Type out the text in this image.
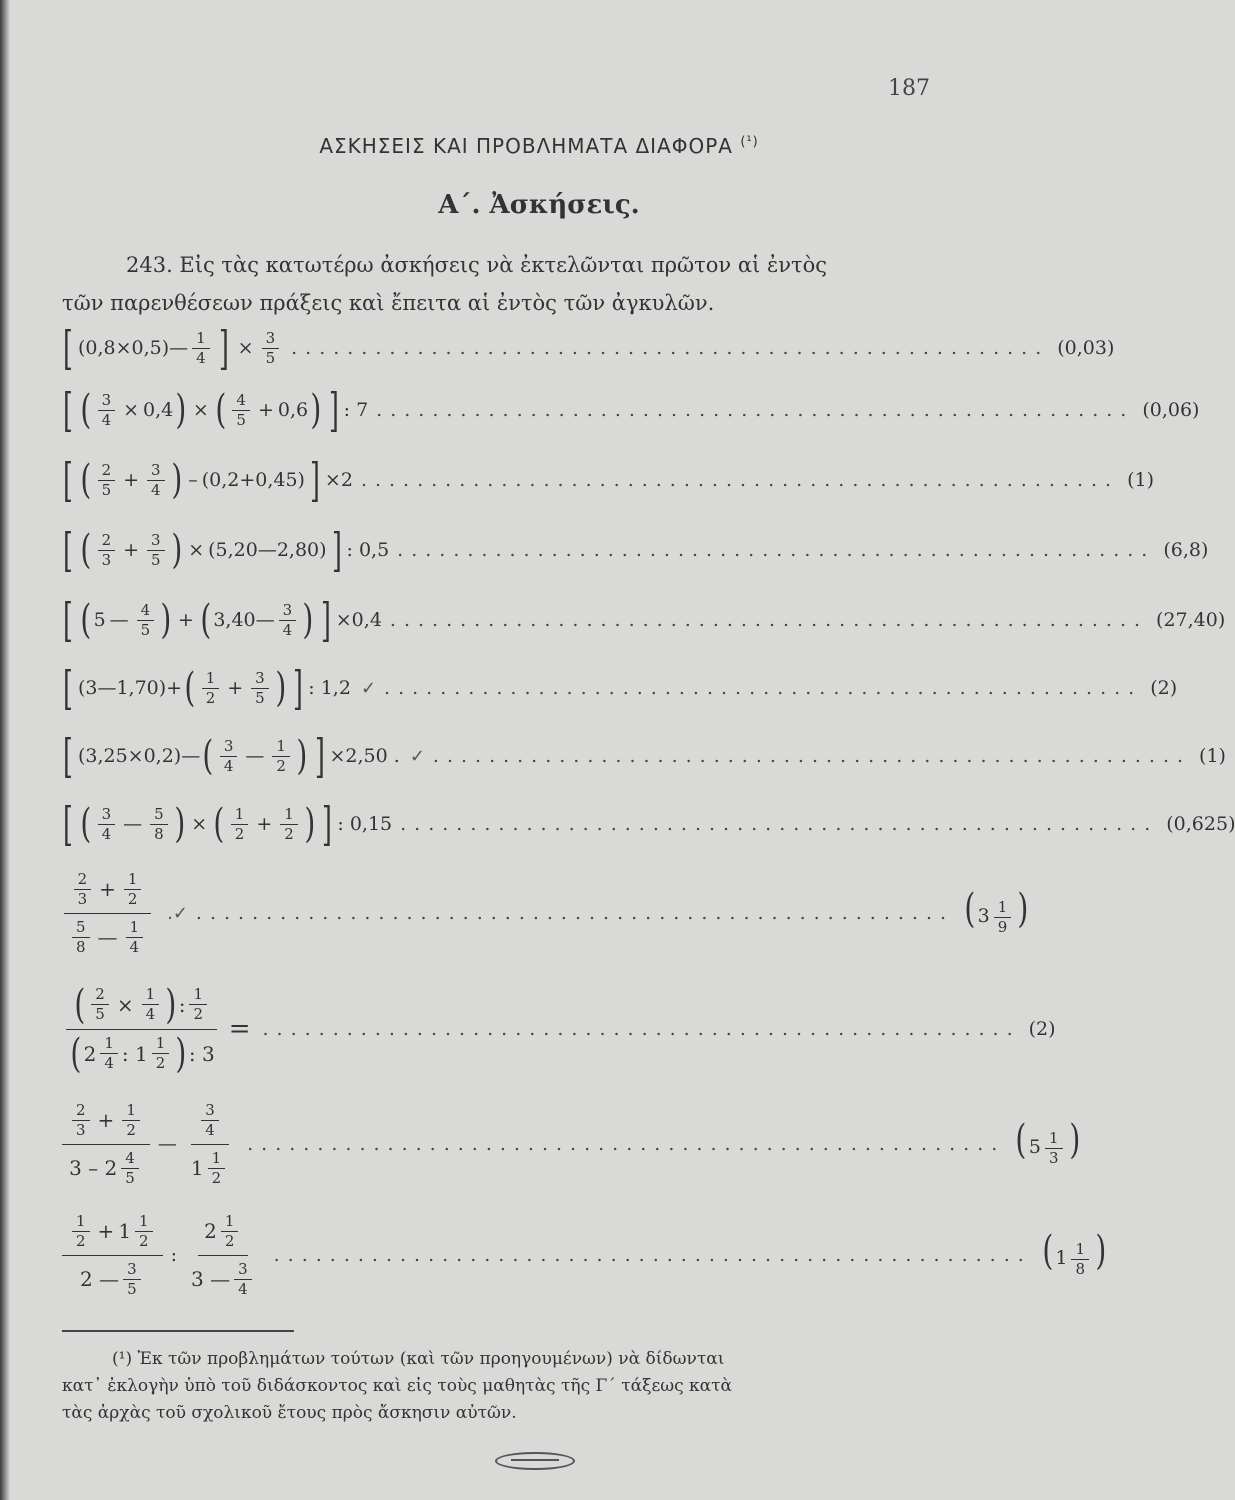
187
ΑΣΚΗΣΕΙΣ ΚΑΙ ΠΡΟΒΛΗΜΑΤΑ ΔΙΑΦΟΡΑ $^{(^1)}$
Α΄. Ἀσκήσεις.
243. Εἰς τὰς κατωτέρω ἀσκήσεις νὰ ἐκτελῶνται πρῶτον αἱ ἐντὸς
τῶν παρενθέσεων πράξεις καὶ ἔπειτα αἱ ἐντὸς τῶν ἀγκυλῶν.
[ (0,8×0,5)— $\frac{1}{4}$ ] × $\frac{3}{5}$ ...................................................... (0,03)
[ ( $\frac{3}{4} \times 0,4$ ) × ( $\frac{4}{5} + 0,6$ ) ] : 7 ...................................................... (0,06)
[ ( $\frac{2}{5} + \frac{3}{4}$ ) – (0,2+0,45) ] ×2 ...................................................... (1)
[ ( $\frac{2}{3} + \frac{3}{5}$ ) × (5,20—2,80) ] : 0,5 ...................................................... (6,8)
[ ( 5 — $\frac{4}{5}$ ) + ( 3,40— $\frac{3}{4}$ ) ] ×0,4 ...................................................... (27,40)
[ (3—1,70)+ ( $\frac{1}{2} + \frac{3}{5}$ ) ] : 1,2 ✓ ...................................................... (2)
[ (3,25×0,2)— ( $\frac{3}{4}$ — $\frac{1}{2}$ ) ] ×2,50 . ✓ ...................................................... (1)
[ ( $\frac{3}{4}$ — $\frac{5}{8}$ ) × ( $\frac{1}{2} + \frac{1}{2}$ ) ] : 0,15 ...................................................... (0,625)
$\frac{\frac{2}{3} + \frac{1}{2}}{\frac{5}{8} — \frac{1}{4}}$ .✓ ...................................................... ( $3 \frac{1}{9}$ )
$\frac{( \frac{2}{5} \times \frac{1}{4} ) : \frac{1}{2}}{( 2 \frac{1}{4} : 1 \frac{1}{2} ) : 3}$ = ...................................................... (2)
$\frac{\frac{2}{3} + \frac{1}{2}}{3 - 2 \frac{4}{5}}$ — $\frac{\frac{3}{4}}{1 \frac{1}{2}}$ ...................................................... ( $5 \frac{1}{3}$ )
$\frac{\frac{1}{2} + 1 \frac{1}{2}}{2 — \frac{3}{5}}$ : $\frac{2 \frac{1}{2}}{3 — \frac{3}{4}}$ ...................................................... ( $1 \frac{1}{8}$ )
(¹) Ἐκ τῶν προβλημάτων τούτων (καὶ τῶν προηγουμένων) νὰ δίδωνται
κατ᾽ ἐκλογὴν ὑπὸ τοῦ διδάσκοντος καὶ εἰς τοὺς μαθητὰς τῆς Γ΄ τάξεως κατὰ
τὰς ἀρχὰς τοῦ σχολικοῦ ἔτους πρὸς ἄσκησιν αὐτῶν.
